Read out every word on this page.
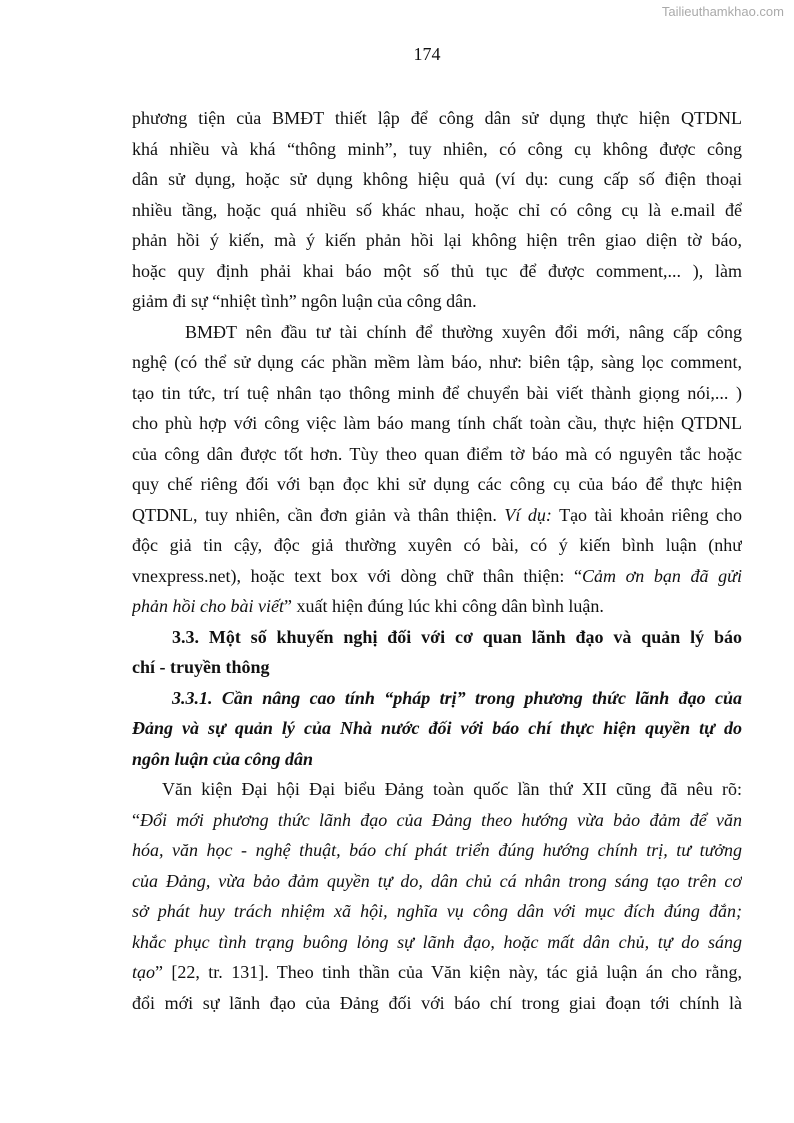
Tailieuthamkhao.com
174
phương tiện của BMĐT thiết lập để công dân sử dụng thực hiện QTDNL
khá nhiều và khá “thông minh”, tuy nhiên, có công cụ không được công
dân sử dụng, hoặc sử dụng không hiệu quả (ví dụ: cung cấp số điện thoại
nhiều tầng, hoặc quá nhiều số khác nhau, hoặc chỉ có công cụ là e.mail để
phản hồi ý kiến, mà ý kiến phản hồi lại không hiện trên giao diện tờ báo,
hoặc quy định phải khai báo một số thủ tục để được comment,... ), làm
giảm đi sự “nhiệt tình” ngôn luận của công dân.
BMĐT nên đầu tư tài chính để thường xuyên đổi mới, nâng cấp công
nghệ (có thể sử dụng các phần mềm làm báo, như: biên tập, sàng lọc comment,
tạo tin tức, trí tuệ nhân tạo thông minh để chuyển bài viết thành giọng nói,... )
cho phù hợp với công việc làm báo mang tính chất toàn cầu, thực hiện QTDNL
của công dân được tốt hơn. Tùy theo quan điểm tờ báo mà có nguyên tắc hoặc
quy chế riêng đối với bạn đọc khi sử dụng các công cụ của báo để thực hiện
QTDNL, tuy nhiên, cần đơn giản và thân thiện. Ví dụ: Tạo tài khoản riêng cho
độc giả tin cậy, độc giả thường xuyên có bài, có ý kiến bình luận (như
vnexpress.net), hoặc text box với dòng chữ thân thiện: “Cảm ơn bạn đã gửi
phản hồi cho bài viết” xuất hiện đúng lúc khi công dân bình luận.
3.3. Một số khuyến nghị đối với cơ quan lãnh đạo và quản lý báo
chí - truyền thông
3.3.1. Cần nâng cao tính “pháp trị” trong phương thức lãnh đạo của
Đảng và sự quản lý của Nhà nước đối với báo chí thực hiện quyền tự do
ngôn luận của công dân
Văn kiện Đại hội Đại biểu Đảng toàn quốc lần thứ XII cũng đã nêu rõ:
“Đổi mới phương thức lãnh đạo của Đảng theo hướng vừa bảo đảm để văn
hóa, văn học - nghệ thuật, báo chí phát triển đúng hướng chính trị, tư tưởng
của Đảng, vừa bảo đảm quyền tự do, dân chủ cá nhân trong sáng tạo trên cơ
sở phát huy trách nhiệm xã hội, nghĩa vụ công dân với mục đích đúng đắn;
khắc phục tình trạng buông lỏng sự lãnh đạo, hoặc mất dân chủ, tự do sáng
tạo” [22, tr. 131]. Theo tinh thần của Văn kiện này, tác giả luận án cho rằng,
đổi mới sự lãnh đạo của Đảng đối với báo chí trong giai đoạn tới chính là
